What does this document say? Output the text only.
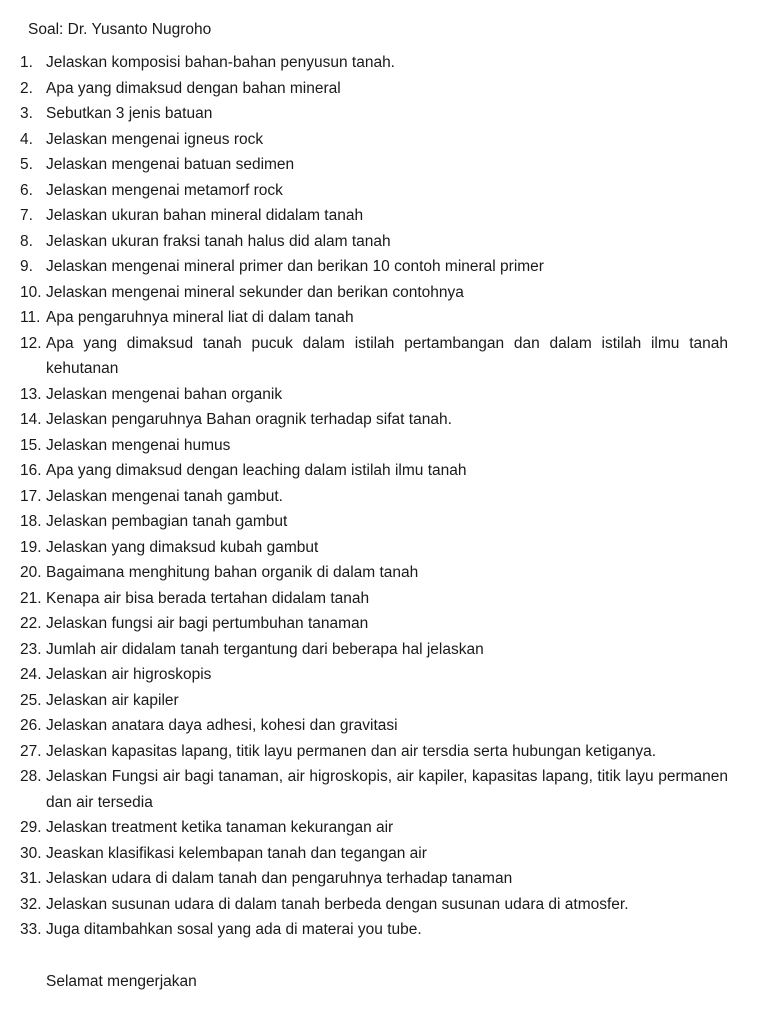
Soal: Dr. Yusanto Nugroho
1. Jelaskan komposisi bahan-bahan penyusun tanah.
2. Apa yang dimaksud dengan bahan mineral
3. Sebutkan 3 jenis batuan
4. Jelaskan mengenai igneus rock
5. Jelaskan mengenai batuan sedimen
6. Jelaskan mengenai metamorf rock
7. Jelaskan ukuran bahan mineral didalam tanah
8. Jelaskan ukuran fraksi tanah halus did alam tanah
9. Jelaskan mengenai mineral primer dan berikan 10 contoh mineral primer
10. Jelaskan mengenai mineral sekunder dan berikan contohnya
11. Apa pengaruhnya mineral liat di dalam tanah
12. Apa yang dimaksud tanah pucuk dalam istilah pertambangan dan dalam istilah ilmu tanah kehutanan
13. Jelaskan mengenai bahan organik
14. Jelaskan pengaruhnya Bahan oragnik terhadap sifat tanah.
15. Jelaskan mengenai humus
16. Apa yang dimaksud dengan leaching dalam istilah ilmu tanah
17. Jelaskan mengenai tanah gambut.
18. Jelaskan pembagian tanah gambut
19. Jelaskan yang dimaksud kubah gambut
20. Bagaimana menghitung bahan organik di dalam tanah
21. Kenapa air bisa berada tertahan didalam tanah
22. Jelaskan fungsi air bagi pertumbuhan tanaman
23. Jumlah air didalam tanah tergantung dari beberapa hal jelaskan
24. Jelaskan air higroskopis
25. Jelaskan air kapiler
26. Jelaskan anatara daya adhesi, kohesi dan gravitasi
27. Jelaskan kapasitas lapang, titik layu permanen dan air tersdia serta hubungan ketiganya.
28. Jelaskan Fungsi air bagi tanaman, air higroskopis, air kapiler, kapasitas lapang, titik layu permanen dan air tersedia
29. Jelaskan treatment ketika tanaman kekurangan air
30. Jeaskan klasifikasi kelembapan tanah dan tegangan air
31. Jelaskan udara di dalam tanah dan pengaruhnya terhadap tanaman
32. Jelaskan susunan udara di dalam tanah berbeda dengan susunan udara di atmosfer.
33. Juga ditambahkan sosal yang ada di materai you tube.
Selamat mengerjakan
